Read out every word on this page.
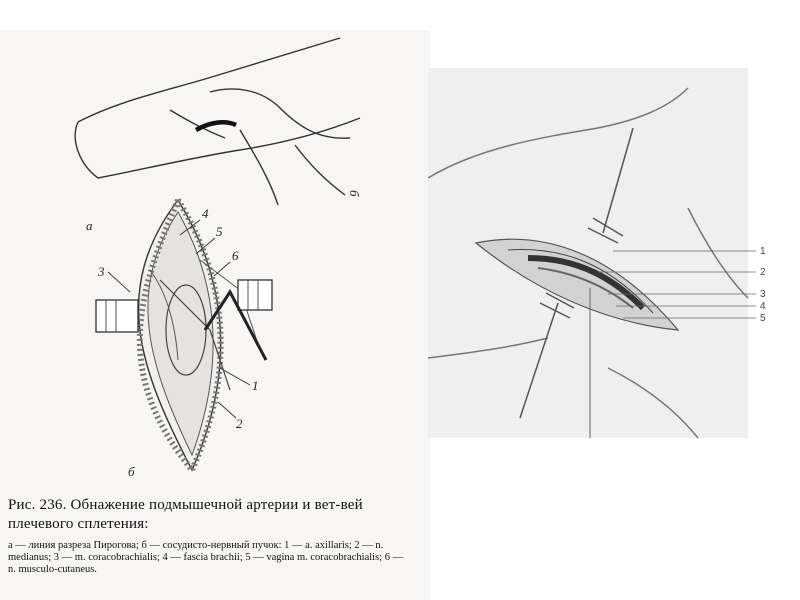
а
б
1
2
3
4
5
6
б
Рис. 236. Обнажение подмышечной артерии и вет-вей плечевого сплетения:
а — линия разреза Пирогова; б — сосудисто-нервный пучок: 1 — a. axillaris; 2 — n. medianus; 3 — m. coracobrachialis; 4 — fascia brachii; 5 — vagina m. coracobrachialis; 6 — n. musculo-cutaneus.
1
2
3
4
5
